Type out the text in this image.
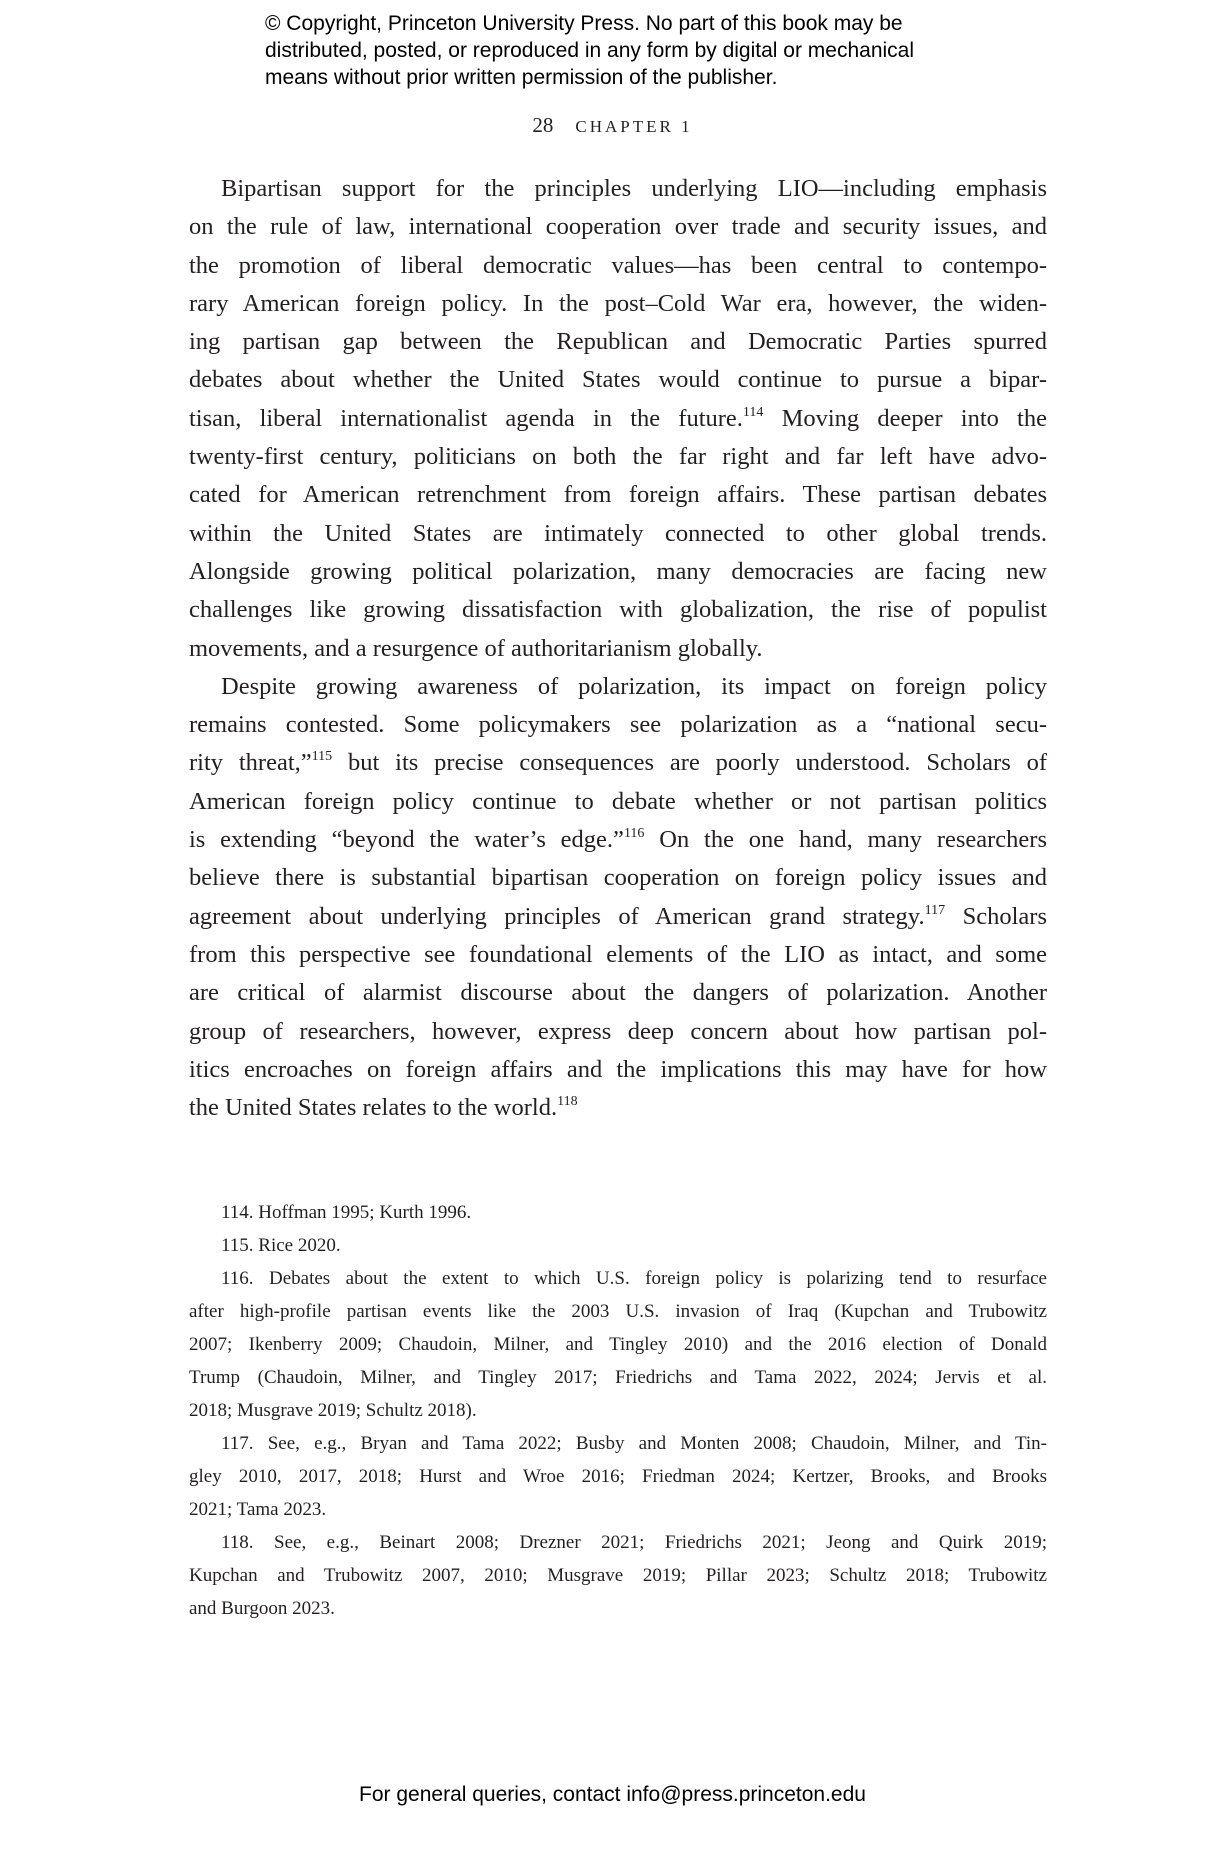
© Copyright, Princeton University Press. No part of this book may be
distributed, posted, or reproduced in any form by digital or mechanical
means without prior written permission of the publisher.
28 CHAPTER 1
Bipartisan support for the principles underlying LIO—including emphasis
on the rule of law, international cooperation over trade and security issues, and
the promotion of liberal democratic values—has been central to contempo-
rary American foreign policy. In the post–Cold War era, however, the widen-
ing partisan gap between the Republican and Democratic Parties spurred
debates about whether the United States would continue to pursue a bipar-
tisan, liberal internationalist agenda in the future.$^{114}$ Moving deeper into the
twenty-first century, politicians on both the far right and far left have advo-
cated for American retrenchment from foreign affairs. These partisan debates
within the United States are intimately connected to other global trends.
Alongside growing political polarization, many democracies are facing new
challenges like growing dissatisfaction with globalization, the rise of populist
movements, and a resurgence of authoritarianism globally.
Despite growing awareness of polarization, its impact on foreign policy
remains contested. Some policymakers see polarization as a “national secu-
rity threat,”$^{115}$ but its precise consequences are poorly understood. Scholars of
American foreign policy continue to debate whether or not partisan politics
is extending “beyond the water’s edge.”$^{116}$ On the one hand, many researchers
believe there is substantial bipartisan cooperation on foreign policy issues and
agreement about underlying principles of American grand strategy.$^{117}$ Scholars
from this perspective see foundational elements of the LIO as intact, and some
are critical of alarmist discourse about the dangers of polarization. Another
group of researchers, however, express deep concern about how partisan pol-
itics encroaches on foreign affairs and the implications this may have for how
the United States relates to the world.$^{118}$
114. Hoffman 1995; Kurth 1996.
115. Rice 2020.
116. Debates about the extent to which U.S. foreign policy is polarizing tend to resurface
after high-profile partisan events like the 2003 U.S. invasion of Iraq (Kupchan and Trubowitz
2007; Ikenberry 2009; Chaudoin, Milner, and Tingley 2010) and the 2016 election of Donald
Trump (Chaudoin, Milner, and Tingley 2017; Friedrichs and Tama 2022, 2024; Jervis et al.
2018; Musgrave 2019; Schultz 2018).
117. See, e.g., Bryan and Tama 2022; Busby and Monten 2008; Chaudoin, Milner, and Tin-
gley 2010, 2017, 2018; Hurst and Wroe 2016; Friedman 2024; Kertzer, Brooks, and Brooks
2021; Tama 2023.
118. See, e.g., Beinart 2008; Drezner 2021; Friedrichs 2021; Jeong and Quirk 2019;
Kupchan and Trubowitz 2007, 2010; Musgrave 2019; Pillar 2023; Schultz 2018; Trubowitz
and Burgoon 2023.
For general queries, contact info@press.princeton.edu
